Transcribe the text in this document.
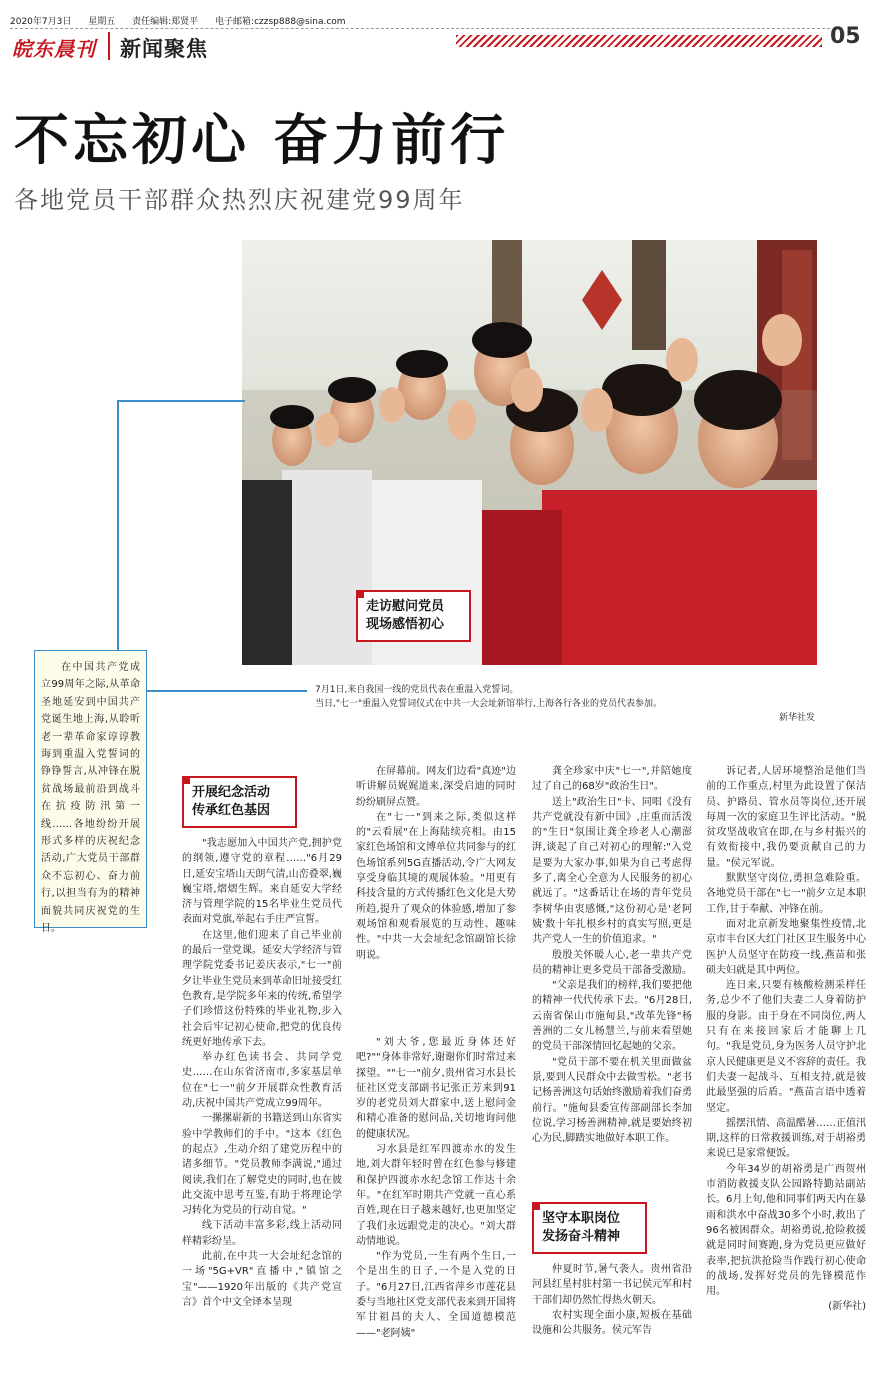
2020年7月3日 星期五 责任编辑:郑贤平 电子邮箱:czzsp888@sina.com
皖东晨刊 新闻聚焦	05
不忘初心 奋力前行
各地党员干部群众热烈庆祝建党99周年
7月1日,来自我国一线的党员代表在重温入党誓词。
当日,"七一"重温入党誓词仪式在中共一大会址新馆举行,上海各行各业的党员代表参加。
新华社发
在中国共产党成立99周年之际,从革命圣地延安到中国共产党诞生地上海,从聆听老一辈革命家谆谆教诲到重温入党誓词的铮铮誓言,从冲锋在脱贫战场最前沿到战斗在抗疫防汛第一线……各地纷纷开展形式多样的庆祝纪念活动,广大党员干部群众不忘初心、奋力前行,以担当有为的精神面貌共同庆祝党的生日。
开展纪念活动
传承红色基因
走访慰问党员
现场感悟初心
坚守本职岗位
发扬奋斗精神

"我志愿加入中国共产党,拥护党的纲领,遵守党的章程……"6月29日,延安宝塔山天朗气清,山峦叠翠,巍巍宝塔,熠熠生辉。来自延安大学经济与管理学院的15名毕业生党员代表面对党旗,举起右手庄严宣誓。

在这里,他们迎来了自己毕业前的最后一堂党课。延安大学经济与管理学院党委书记姜庆表示,"七一"前夕让毕业生党员来到革命旧址接受红色教育,是学院多年来的传统,希望学子们珍惜这份特殊的毕业礼物,步入社会后牢记初心使命,把党的优良传统更好地传承下去。

举办红色读书会、共同学党史……在山东省济南市,多家基层单位在"七一"前夕开展群众性教育活动,庆祝中国共产党成立99周年。

一摞摞崭新的书籍送到山东省实验中学教师们的手中。"这本《红色的起点》,生动介绍了建党历程中的诸多细节。"党员教师李满说,"通过阅读,我们在了解党史的同时,也在彼此交流中思考互鉴,有助于将理论学习转化为党员的行动自觉。"

线下活动丰富多彩,线上活动同样精彩纷呈。

此前,在中共一大会址纪念馆的一场"5G+VR"直播中,"镇馆之宝"——1920年出版的《共产党宣言》首个中文全译本呈现

在屏幕前。网友们边看"真迹"边听讲解员娓娓道来,深受启迪的同时纷纷刷屏点赞。

在"七一"到来之际,类似这样的"云看展"在上海陆续亮相。由15家红色场馆和文博单位共同参与的红色场馆系列5G直播活动,令广大网友享受身临其境的观展体验。"用更有科技含量的方式传播红色文化是大势所趋,提升了观众的体验感,增加了参观场馆和观看展览的互动性、趣味性。"中共一大会址纪念馆副馆长徐明说。

"刘大爷,您最近身体还好吧?""身体非常好,谢谢你们时常过来探望。""七一"前夕,贵州省习水县长征社区党支部副书记张正芳来到91岁的老党员刘大群家中,送上慰问金和精心准备的慰问品,关切地询问他的健康状况。

习水县是红军四渡赤水的发生地,刘大群年轻时曾在红色参与修建和保护四渡赤水纪念馆工作达十余年。"在红军时期共产党就一直心系百姓,现在日子越来越好,也更加坚定了我们永远跟党走的决心。"刘大群动情地说。

"作为党员,一生有两个生日,一个是出生的日子,一个是入党的日子。"6月27日,江西省萍乡市莲花县委与当地社区党支部代表来到开国将军甘祖昌的夫人、全国道德模范——"老阿姨"

龚全珍家中庆"七一",并陪她度过了自己的68岁"政治生日"。

送上"政治生日"卡、同唱《没有共产党就没有新中国》,庄重而活泼的"生日"氛围让龚全珍老人心潮澎湃,谈起了自己对初心的理解:"入党是要为大家办事,如果为自己考虑得多了,离全心全意为人民服务的初心就远了。"这番话让在场的青年党员李树华由衷感慨,"这份初心是'老阿姨'数十年扎根乡村的真实写照,更是共产党人一生的价值追求。"

殷殷关怀暖人心,老一辈共产党员的精神让更多党员干部备受激励。

"父亲是我们的榜样,我们要把他的精神一代代传承下去。"6月28日,云南省保山市施甸县,"改革先锋"杨善洲的二女儿杨慧兰,与前来看望她的党员干部深情回忆起她的父亲。

"党员干部不要在机关里面做盆景,要到人民群众中去做雪松。"老书记杨善洲这句话始终激励着我们奋勇前行。"施甸县委宣传部副部长李加位说,学习杨善洲精神,就是要始终初心为民,脚踏实地做好本职工作。

仲夏时节,暑气袭人。贵州省沿河县红星村驻村第一书记侯元军和村干部们却仍然忙得热火朝天。

农村实现全面小康,短板在基础设施和公共服务。侯元军告

诉记者,人居环境整治是他们当前的工作重点,村里为此设置了保洁员、护路员、管水员等岗位,还开展每周一次的家庭卫生评比活动。"脱贫攻坚战收官在即,在与乡村振兴的有效衔接中,我仍要贡献自己的力量。"侯元军说。

默默坚守岗位,勇担急难险重。各地党员干部在"七一"前夕立足本职工作,甘于奉献、冲锋在前。

面对北京新发地聚集性疫情,北京市丰台区大红门社区卫生服务中心医护人员坚守在防疫一线,燕苗和张硕夫妇就是其中两位。

连日来,只要有核酸检测采样任务,总少不了他们夫妻二人身着防护服的身影。由于身在不同岗位,两人只有在来接回家后才能聊上几句。"我是党员,身为医务人员守护北京人民健康更是义不容辞的责任。我们夫妻一起战斗、互相支持,就是彼此最坚强的后盾。"燕苗言语中透着坚定。

摇摆汛情、高温酷暑……正值汛期,这样的日常救援训练,对于胡裕勇来说已是家常便饭。

今年34岁的胡裕勇是广西贺州市消防救援支队公园路特勤站副站长。6月上旬,他和同事们两天内在暴雨和洪水中奋战30多个小时,救出了96名被困群众。胡裕勇说,抢险救援就是同时间赛跑,身为党员更应做好表率,把抗洪抢险当作践行初心使命的战场,发挥好党员的先锋模范作用。

(新华社)
